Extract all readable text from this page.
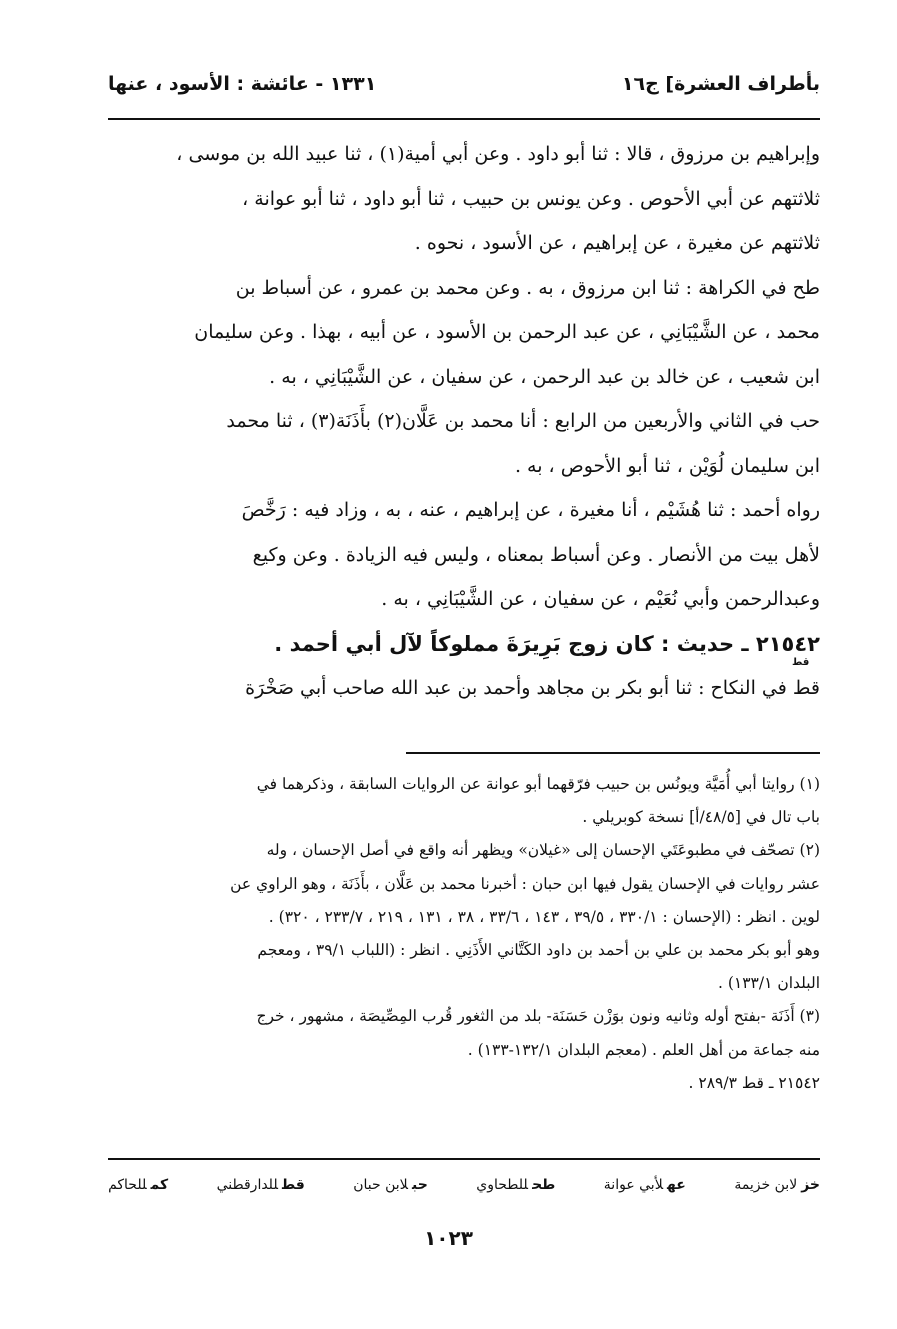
بأطراف العشرة] ج١٦
١٣٣١ - عائشة : الأسود ، عنها
وإبراهيم بن مرزوق ، قالا : ثنا أبو داود . وعن أبي أمية(١) ، ثنا عبيد الله بن موسى ،
ثلاثتهم عن أبي الأحوص . وعن يونس بن حبيب ، ثنا أبو داود ، ثنا أبو عوانة ،
ثلاثتهم عن مغيرة ، عن إبراهيم ، عن الأسود ، نحوه .
طح في الكراهة : ثنا ابن مرزوق ، به . وعن محمد بن عمرو ، عن أسباط بن
محمد ، عن الشَّيْبَانِي ، عن عبد الرحمن بن الأسود ، عن أبيه ، بهذا . وعن سليمان
ابن شعيب ، عن خالد بن عبد الرحمن ، عن سفيان ، عن الشَّيْبَانِي ، به .
حب في الثاني والأربعين من الرابع : أنا محمد بن عَلَّان(٢) بأَذَنَة(٣) ، ثنا محمد
ابن سليمان لُوَيْن ، ثنا أبو الأحوص ، به .
رواه أحمد : ثنا هُشَيْم ، أنا مغيرة ، عن إبراهيم ، عنه ، به ، وزاد فيه : رَخَّصَ
لأهل بيت من الأنصار . وعن أسباط بمعناه ، وليس فيه الزيادة . وعن وكيع
وعبدالرحمن وأبي نُعَيْم ، عن سفيان ، عن الشَّيْبَانِي ، به .
٢١٥٤٢ ـ حديث : كان زوج بَرِيرَةَ مملوكاً لآل أبي أحمد .
قط في النكاح : ثنا أبو بكر بن مجاهد وأحمد بن عبد الله صاحب أبي صَخْرَة
قط
(١) روايتا أبي أُمَيَّة ويونُس بن حبيب فرّقهما أبو عوانة عن الروايات السابقة ، وذكرهما في
باب تال في [٤٨/٥/أ] نسخة كوبريلي .
(٢) تصحّف في مطبوعَتَي الإحسان إلى «غيلان» ويظهر أنه واقع في أصل الإحسان ، وله
عشر روايات في الإحسان يقول فيها ابن حبان : أخبرنا محمد بن عَلَّان ، بأَذَنَة ، وهو الراوي عن
لوين . انظر : (الإحسان : ٣٣٠/١ ، ٣٩/٥ ، ١٤٣ ، ٣٣/٦ ، ٣٨ ، ١٣١ ، ٢١٩ ، ٢٣٣/٧ ، ٣٢٠) .
وهو أبو بكر محمد بن علي بن أحمد بن داود الكَتَّاني الأَذَنِي . انظر : (اللباب ٣٩/١ ، ومعجم
البلدان ١٣٣/١) .
(٣) أَذَنَة -بفتح أوله وثانيه ونون بوَزْن حَسَنَة- بلد من الثغور قُرب المِصِّيصَة ، مشهور ، خرج
منه جماعة من أهل العلم . (معجم البلدان ١٣٢/١-١٣٣) .
٢١٥٤٢ ـ قط ٢٨٩/٣ .
خزلابن خزيمة
عهلأبي عوانة
طحللطحاوي
حبلابن حبان
قطللدارقطني
كمللحاكم
١٠٢٣
